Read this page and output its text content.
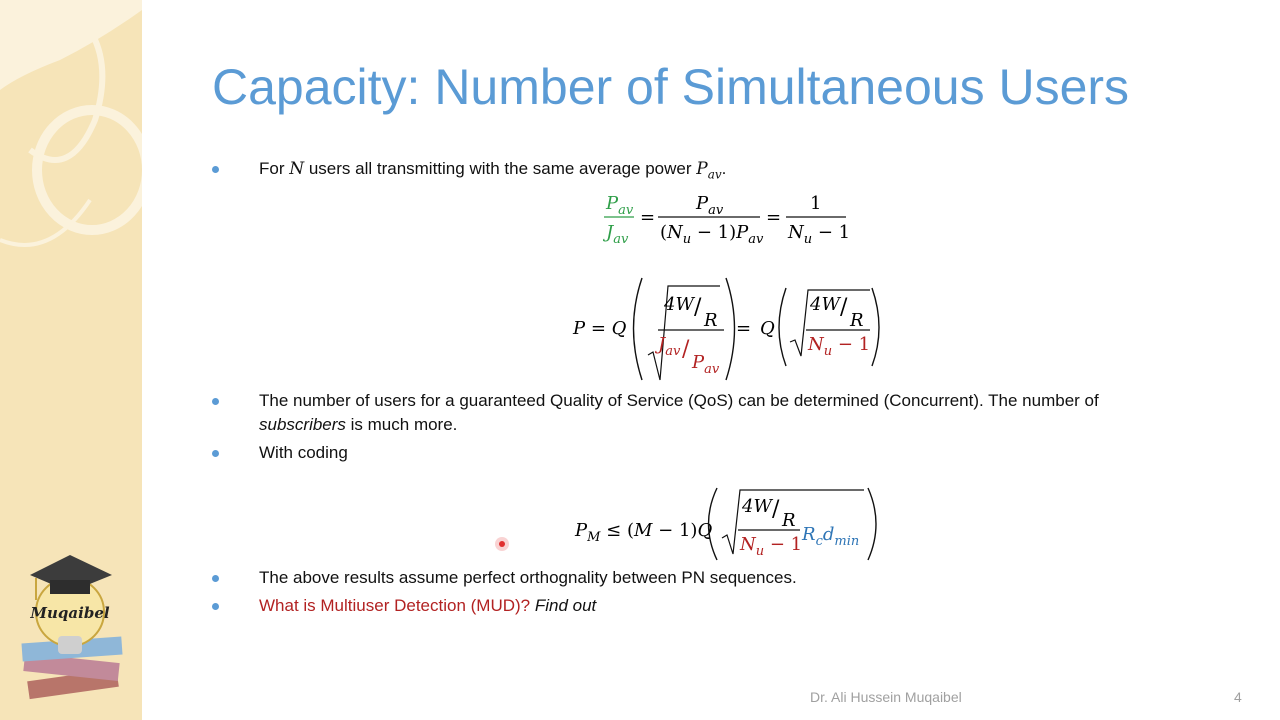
Muqaibel
Capacity: Number of Simultaneous Users
For N users all transmitting with the same average power $P_{av}$.
$P_{av}$
$J_{av}$
=
$P_{av}$
$(N_u - 1)P_{av}$
=
1
$N_u - 1$
P = Q
4W /
R
$J_{av}$ /
$P_{av}$
= Q
4W /
R
$N_u - 1$
The number of users for a guaranteed Quality of Service (QoS) can be determined (Concurrent). The number of
subscribers is much more.
With coding
$P_M \le (M - 1)Q$
4W / R
$N_u - 1$ $R_cd_{min}$
The above results assume perfect orthognality between PN sequences.
What is Multiuser Detection (MUD)? Find out
Dr. Ali Hussein Muqaibel	4
